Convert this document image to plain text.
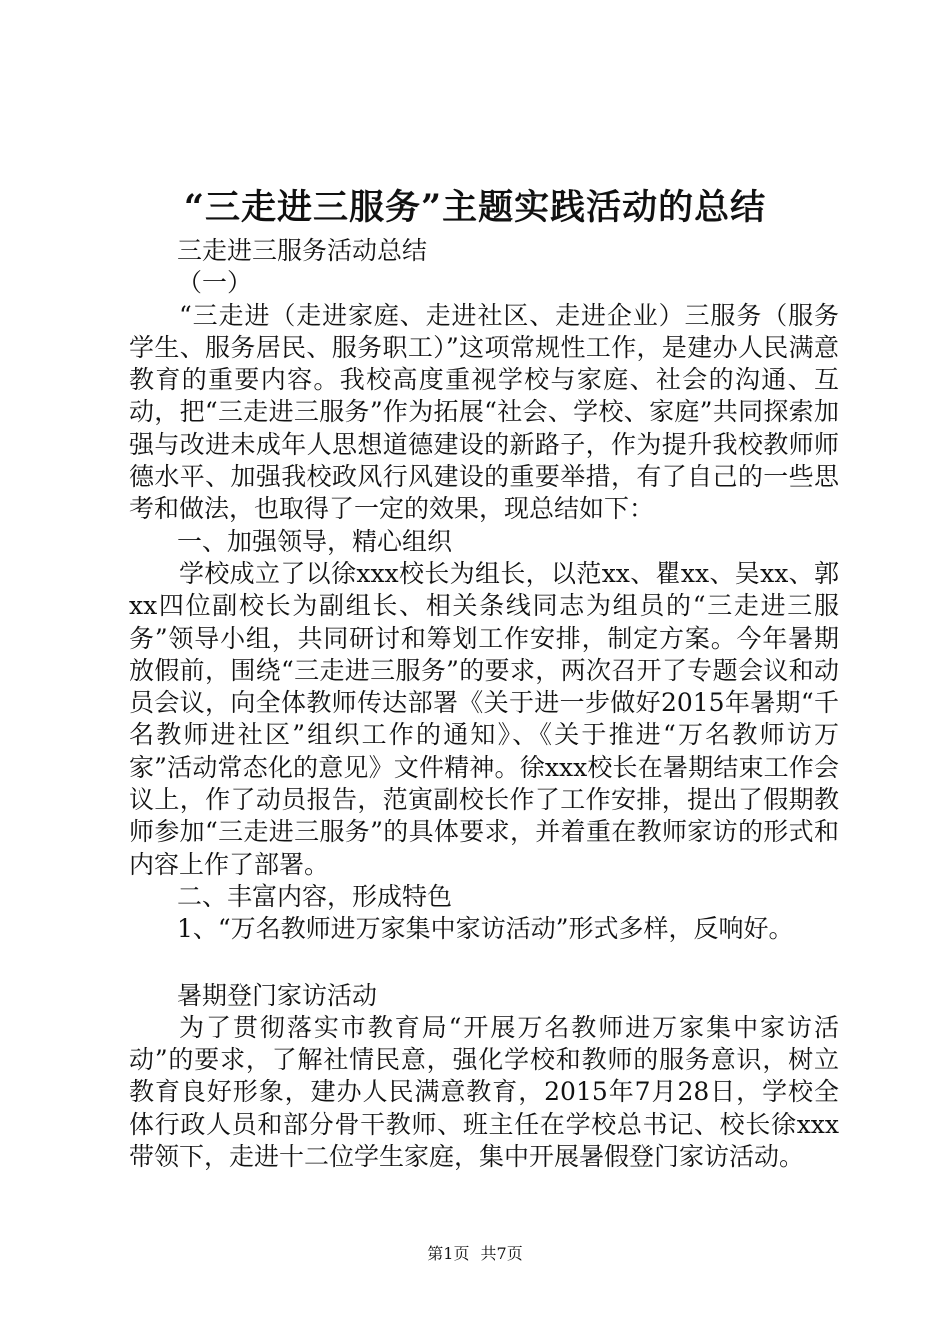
“三走进三服务”主题实践活动的总结

三走进三服务活动总结

（一）

“三走进（走进家庭、走进社区、走进企业）三服务（服务学生、服务居民、服务职工）”这项常规性工作，是建办人民满意教育的重要内容。我校高度重视学校与家庭、社会的沟通、互动，把“三走进三服务”作为拓展“社会、学校、家庭”共同探索加强与改进未成年人思想道德建设的新路子，作为提升我校教师师德水平、加强我校政风行风建设的重要举措，有了自己的一些思考和做法，也取得了一定的效果，现总结如下：

一、加强领导，精心组织

学校成立了以徐xxx校长为组长，以范xx、瞿xx、吴xx、郭xx四位副校长为副组长、相关条线同志为组员的“三走进三服务”领导小组，共同研讨和筹划工作安排，制定方案。今年暑期放假前，围绕“三走进三服务”的要求，两次召开了专题会议和动员会议，向全体教师传达部署《关于进一步做好2015年暑期“千名教师进社区”组织工作的通知》、《关于推进“万名教师访万家”活动常态化的意见》文件精神。徐xxx校长在暑期结束工作会议上，作了动员报告，范寅副校长作了工作安排，提出了假期教师参加“三走进三服务”的具体要求，并着重在教师家访的形式和内容上作了部署。

二、丰富内容，形成特色

1、“万名教师进万家集中家访活动”形式多样，反响好。

暑期登门家访活动

为了贯彻落实市教育局“开展万名教师进万家集中家访活动”的要求，了解社情民意，强化学校和教师的服务意识，树立教育良好形象，建办人民满意教育，2015年7月28日，学校全体行政人员和部分骨干教师、班主任在学校总书记、校长徐xxx带领下，走进十二位学生家庭，集中开展暑假登门家访活动。

第1页 共7页
